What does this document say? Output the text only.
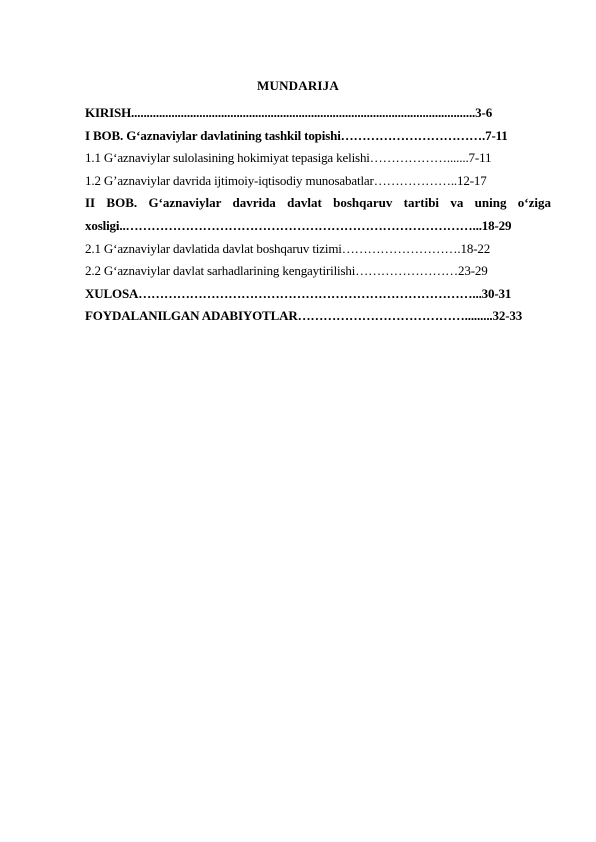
MUNDARIJA
KIRISH...............................................................................................................3-6
I BOB. G‘aznaviylar davlatining tashkil topishi…………………………….7-11
1.1 G‘aznaviylar sulolasining hokimiyat tepasiga kelishi……………….......7-11
1.2 G’aznaviylar davrida ijtimoiy-iqtisodiy munosabatlar………………..12-17
II BOB. G‘aznaviylar davrida davlat boshqaruv tartibi va uning o‘ziga
xosligi..………………………………………………………………………...18-29
2.1 G‘aznaviylar davlatida davlat boshqaruv tizimi……………………….18-22
2.2 G‘aznaviylar davlat sarhadlarining kengaytirilishi……………………23-29
XULOSA……………………………………………………………………...30-31
FOYDALANILGAN ADABIYOTLAR………………………………….........32-33
